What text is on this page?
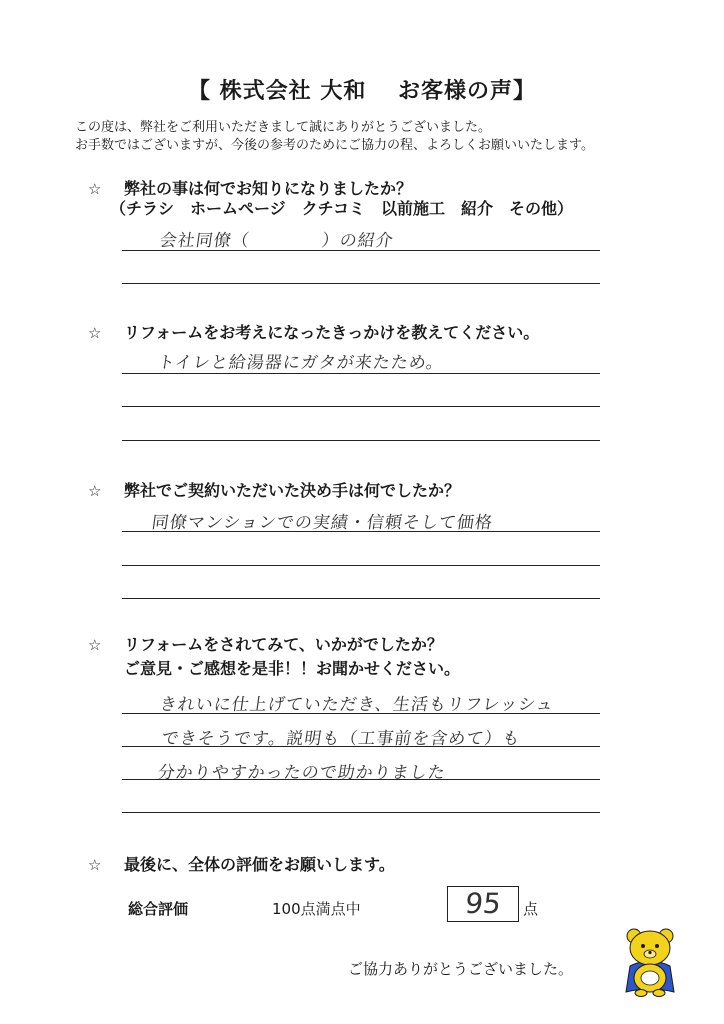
【 株式会社 大和　 お客様の声】
この度は、弊社をご利用いただきまして誠にありがとうございました。
お手数ではございますが、今後の参考のためにご協力の程、よろしくお願いいたします。
☆ 弊社の事は何でお知りになりましたか？
（チラシ　ホームページ　クチコミ　以前施工　紹介　その他）
会社同僚（　　　　）の紹介
☆ リフォームをお考えになったきっかけを教えてください。
トイレと給湯器にガタが来たため。
☆ 弊社でご契約いただいた決め手は何でしたか？
同僚マンションでの実績・信頼そして価格
☆ リフォームをされてみて、いかがでしたか？
ご意見・ご感想を是非！！お聞かせください。
きれいに仕上げていただき、生活もリフレッシュ
できそうです。説明も（工事前を含めて）も
分かりやすかったので助かりました
☆ 最後に、全体の評価をお願いします。
総合評価	100点満点中	95	点
ご協力ありがとうございました。
